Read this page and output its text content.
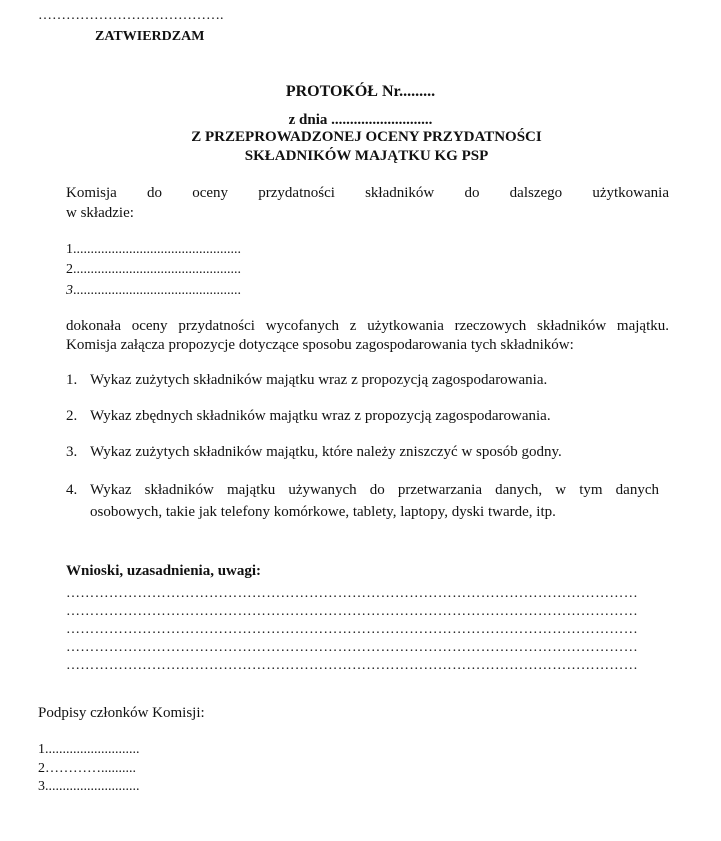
………………………………….
ZATWIERDZAM
PROTOKÓŁ Nr.........
z dnia ...........................
Z PRZEPROWADZONEJ OCENY PRZYDATNOŚCI
SKŁADNIKÓW MAJĄTKU KG PSP
Komisja do oceny przydatności składników do dalszego użytkowania
w składzie:
1................................................
2................................................
3................................................
dokonała oceny przydatności wycofanych z użytkowania rzeczowych składników majątku.
Komisja załącza propozycje dotyczące sposobu zagospodarowania tych składników:
1. Wykaz zużytych składników majątku wraz z propozycją zagospodarowania.
2. Wykaz zbędnych składników majątku wraz z propozycją zagospodarowania.
3. Wykaz zużytych składników majątku, które należy zniszczyć w sposób godny.
4. Wykaz składników majątku używanych do przetwarzania danych, w tym danych
osobowych, takie jak telefony komórkowe, tablety, laptopy, dyski twarde, itp.
Wnioski, uzasadnienia, uwagi:
…………………………………………………………………………………………………………
…………………………………………………………………………………………………………
…………………………………………………………………………………………………………
…………………………………………………………………………………………………………
…………………………………………………………………………………………………………
Podpisy członków Komisji:
1...........................
2…………..........
3...........................
